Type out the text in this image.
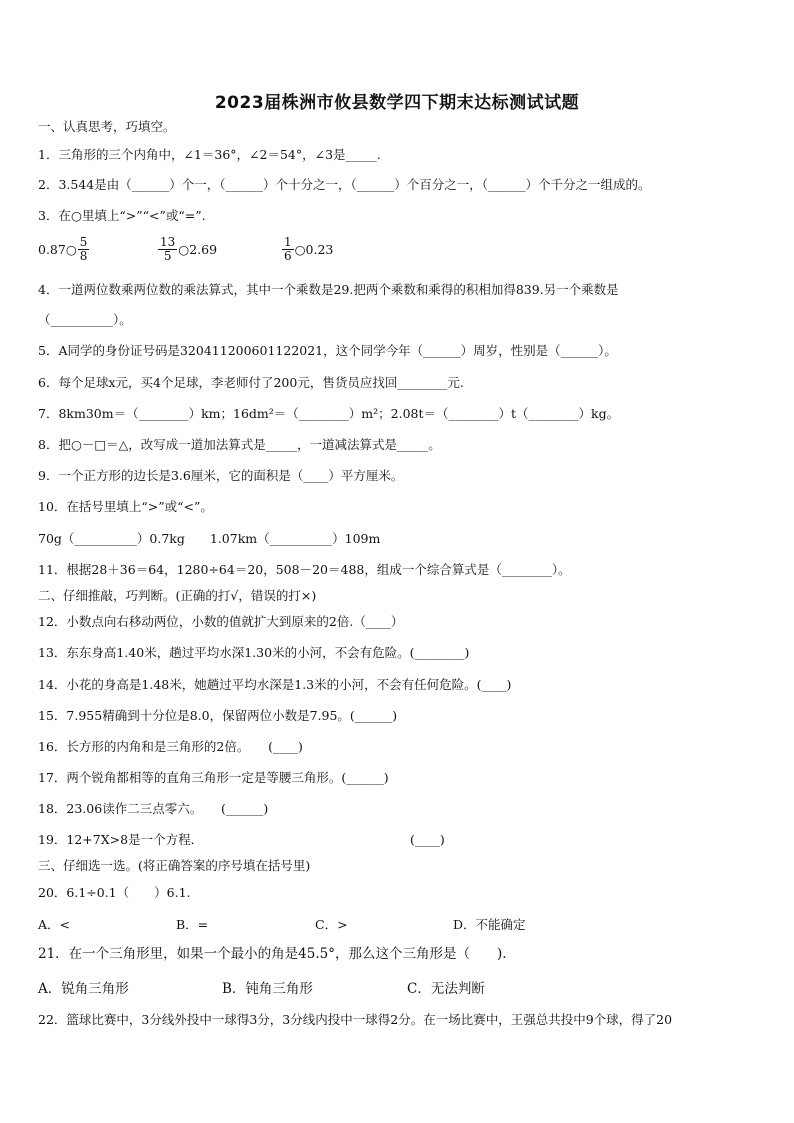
2023届株洲市攸县数学四下期末达标测试试题
一、认真思考，巧填空。
1．三角形的三个内角中，∠1＝36°，∠2＝54°，∠3是_____.
2．3.544是由（______）个一，（______）个十分之一，（______）个百分之一，（______）个千分之一组成的。
3．在○里填上“>”“<”或“=”.
0.87○ $\frac{5}{8}$	$\frac{13}{5}$ ○2.69	$\frac{1}{6}$ ○0.23
4．一道两位数乘两位数的乘法算式，其中一个乘数是29.把两个乘数和乘得的积相加得839.另一个乘数是
（__________）。
5．A同学的身份证号码是320411200601122021，这个同学今年（______）周岁，性别是（______）。
6．每个足球x元，买4个足球，李老师付了200元，售货员应找回________元.
7．8km30m＝（________）km；16dm²＝（________）m²；2.08t＝（________）t（________）kg。
8．把○－□＝△，改写成一道加法算式是_____，一道减法算式是_____。
9．一个正方形的边长是3.6厘米，它的面积是（____）平方厘米。
10．在括号里填上“>”或“<”。
70g（__________）0.7kg　　1.07km（__________）109m
11．根据28＋36＝64，1280÷64＝20，508－20＝488，组成一个综合算式是（________）。
二、仔细推敲，巧判断。(正确的打√，错误的打×)
12．小数点向右移动两位，小数的值就扩大到原来的2倍.（____）
13．东东身高1.40米，趟过平均水深1.30米的小河，不会有危险。(________)
14．小花的身高是1.48米，她趟过平均水深是1.3米的小河，不会有任何危险。(____)
15．7.955精确到十分位是8.0，保留两位小数是7.95。(______)
16．长方形的内角和是三角形的2倍。　　(____)
17．两个锐角都相等的直角三角形一定是等腰三角形。(______)
18．23.06读作二三点零六。　　(______)
19．12+7X>8是一个方程．	(____)
三、仔细选一选。(将正确答案的序号填在括号里)
20．6.1÷0.1（　　）6.1.
A．<	B．=	C．>	D．不能确定
21．在一个三角形里，如果一个最小的角是45.5°，那么这个三角形是（　　).
A．锐角三角形	B．钝角三角形	C．无法判断
22．篮球比赛中，3分线外投中一球得3分，3分线内投中一球得2分。在一场比赛中，王强总共投中9个球，得了20
